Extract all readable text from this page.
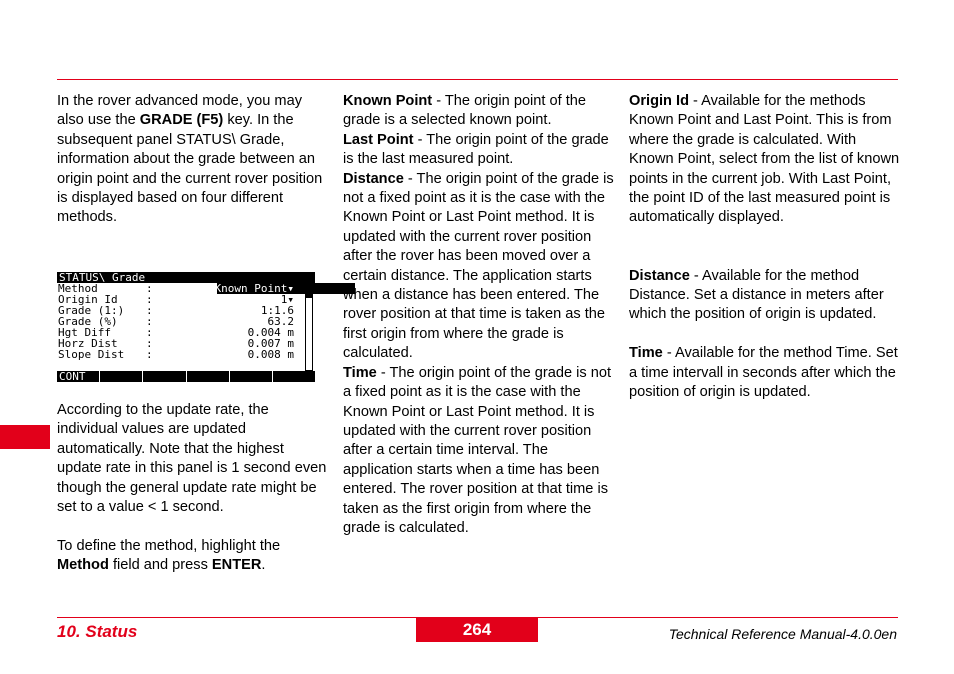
In the rover advanced mode, you may also use the GRADE (F5) key. In the subsequent panel STATUS\ Grade, information about the grade between an origin point and the current rover position is displayed based on four different methods.

STATUS\ Grade
Method	:	Known Point▾
Origin Id	:	1▾
Grade (1:) :	1:1.6
Grade (%)	:	63.2
Hgt Diff	:	0.004 m
Horz Dist	:	0.007 m
Slope Dist :	0.008 m
CONT

According to the update rate, the individual values are updated automatically. Note that the highest update rate in this panel is 1 second even though the general update rate might be set to a value < 1 second.

To define the method, highlight the Method field and press ENTER.

Known Point - The origin point of the grade is a selected known point.

Last Point - The origin point of the grade is the last measured point.

Distance - The origin point of the grade is not a fixed point as it is the case with the Known Point or Last Point method. It is updated with the current rover position after the rover has been moved over a certain distance. The application starts when a distance has been entered. The rover position at that time is taken as the first origin from where the grade is calculated.

Time - The origin point of the grade is not a fixed point as it is the case with the Known Point or Last Point method. It is updated with the current rover position after a certain time interval. The application starts when a time has been entered. The rover position at that time is taken as the first origin from where the grade is calculated.

Origin Id - Available for the methods Known Point and Last Point. This is from where the grade is calculated. With Known Point, select from the list of known points in the current job. With Last Point, the point ID of the last measured point is automatically displayed.

Distance - Available for the method Distance. Set a distance in meters after which the position of origin is updated.

Time - Available for the method Time. Set a time intervall in seconds after which the position of origin is updated.

10. Status	264	Technical Reference Manual-4.0.0en
